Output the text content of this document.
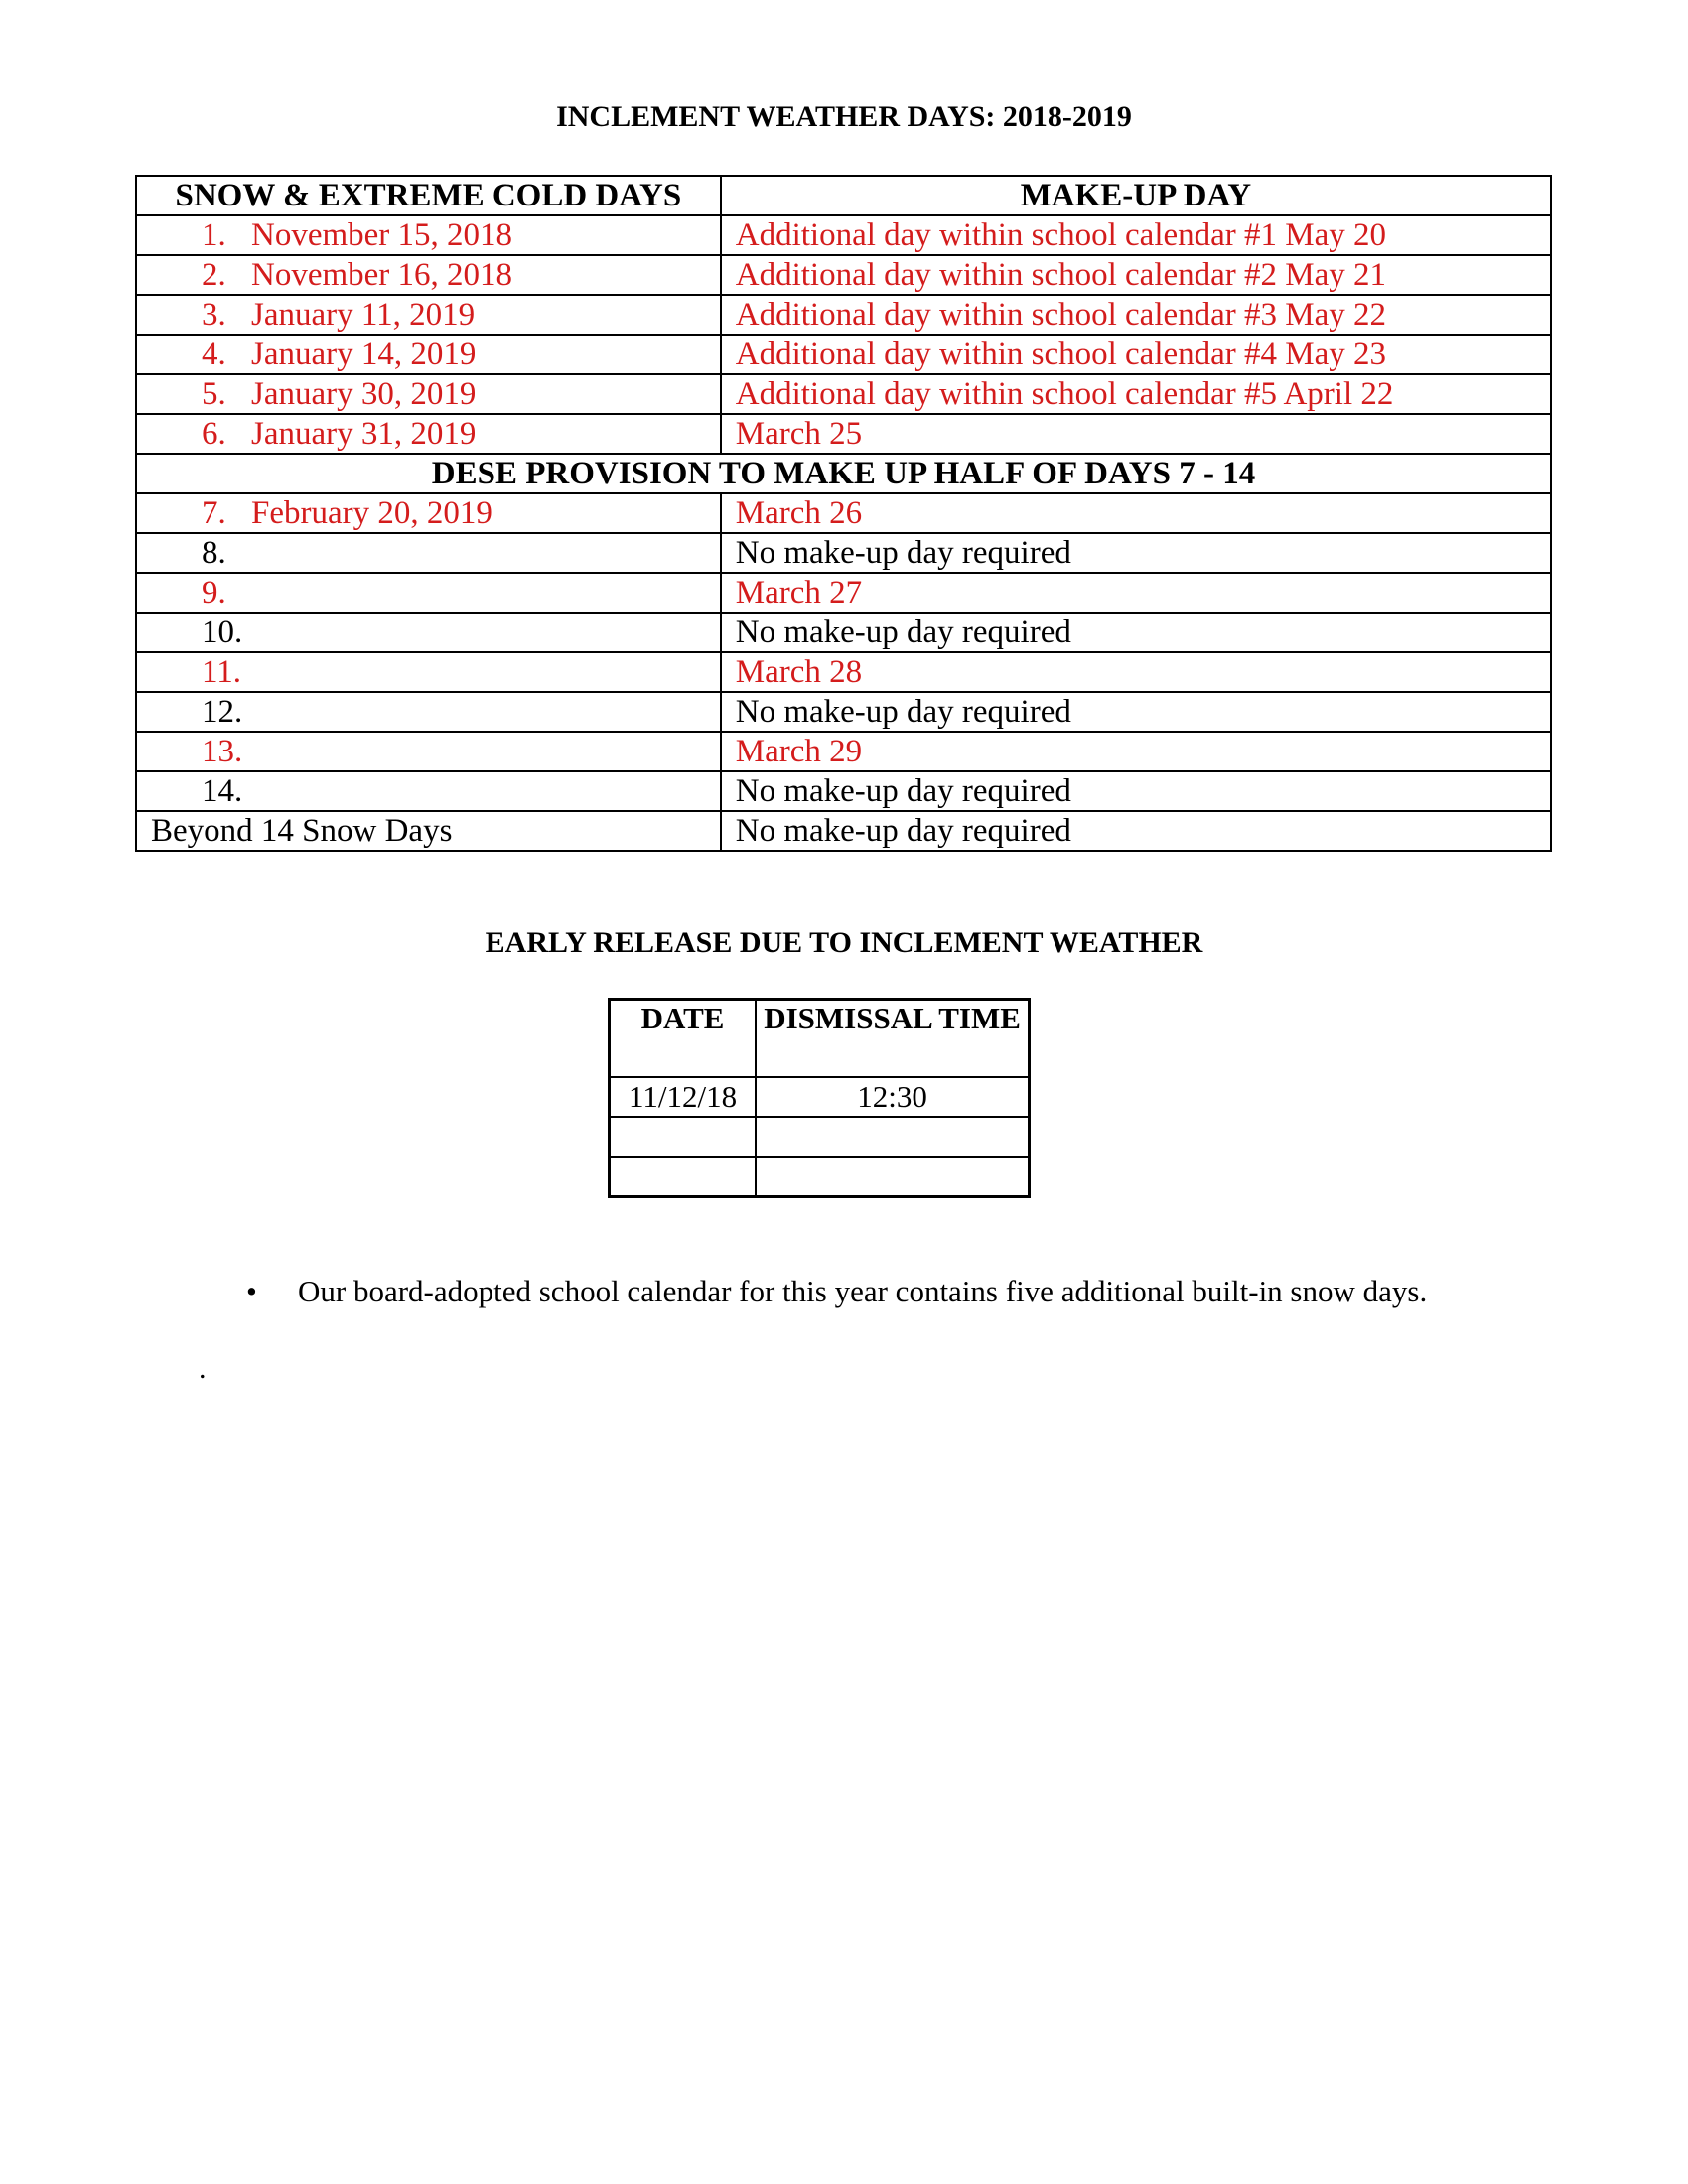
INCLEMENT WEATHER DAYS: 2018-2019
SNOW & EXTREME COLD DAYS	MAKE-UP DAY
1. November 15, 2018	Additional day within school calendar #1 May 20
2. November 16, 2018	Additional day within school calendar #2 May 21
3. January 11, 2019	Additional day within school calendar #3 May 22
4. January 14, 2019	Additional day within school calendar #4 May 23
5. January 30, 2019	Additional day within school calendar #5 April 22
6. January 31, 2019	March 25
DESE PROVISION TO MAKE UP HALF OF DAYS 7 - 14	
7. February 20, 2019	March 26
8.	No make-up day required
9.	March 27
10.	No make-up day required
11.	March 28
12.	No make-up day required
13.	March 29
14.	No make-up day required
Beyond 14 Snow Days	No make-up day required
EARLY RELEASE DUE TO INCLEMENT WEATHER
DATE	DISMISSAL TIME
11/12/18	12:30

• Our board-adopted school calendar for this year contains five additional built-in snow days.
.
